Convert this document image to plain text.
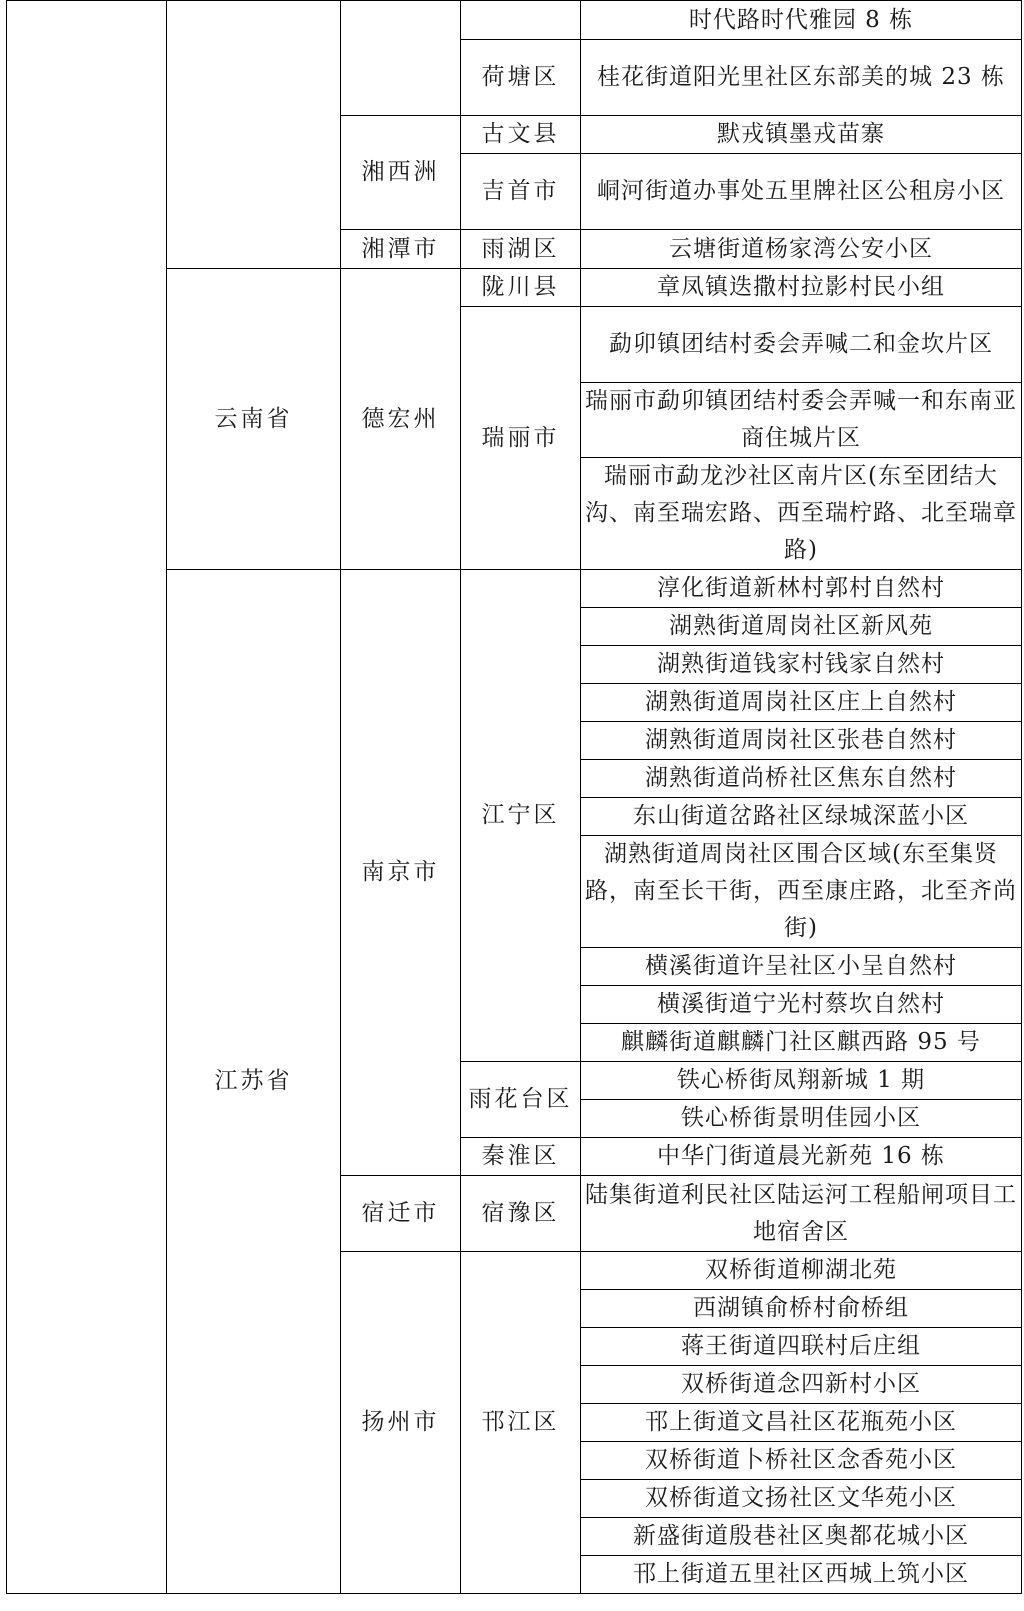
				时代路时代雅园 8 栋
			荷塘区	桂花街道阳光里社区东部美的城 23 栋
		湘西洲	古文县	默戎镇墨戎苗寨
			吉首市	峒河街道办事处五里牌社区公租房小区
		湘潭市	雨湖区	云塘街道杨家湾公安小区
	云南省	德宏州	陇川县	章凤镇迭撒村拉影村民小组
			瑞丽市	勐卯镇团结村委会弄喊二和金坎片区
				瑞丽市勐卯镇团结村委会弄喊一和东南亚商住城片区
				瑞丽市勐龙沙社区南片区(东至团结大沟、南至瑞宏路、西至瑞柠路、北至瑞章路)
	江苏省	南京市	江宁区	淳化街道新林村郭村自然村
				湖熟街道周岗社区新风苑
				湖熟街道钱家村钱家自然村
				湖熟街道周岗社区庄上自然村
				湖熟街道周岗社区张巷自然村
				湖熟街道尚桥社区焦东自然村
				东山街道岔路社区绿城深蓝小区
				湖熟街道周岗社区围合区域(东至集贤路，南至长干街，西至康庄路，北至齐尚街)
				横溪街道许呈社区小呈自然村
				横溪街道宁光村蔡坎自然村
				麒麟街道麒麟门社区麒西路 95 号
			雨花台区	铁心桥街凤翔新城 1 期
				铁心桥街景明佳园小区
			秦淮区	中华门街道晨光新苑 16 栋
		宿迁市	宿豫区	陆集街道利民社区陆运河工程船闸项目工地宿舍区
		扬州市	邗江区	双桥街道柳湖北苑
				西湖镇俞桥村俞桥组
				蒋王街道四联村后庄组
				双桥街道念四新村小区
				邗上街道文昌社区花瓶苑小区
				双桥街道卜桥社区念香苑小区
				双桥街道文扬社区文华苑小区
				新盛街道殷巷社区奥都花城小区
				邗上街道五里社区西城上筑小区
